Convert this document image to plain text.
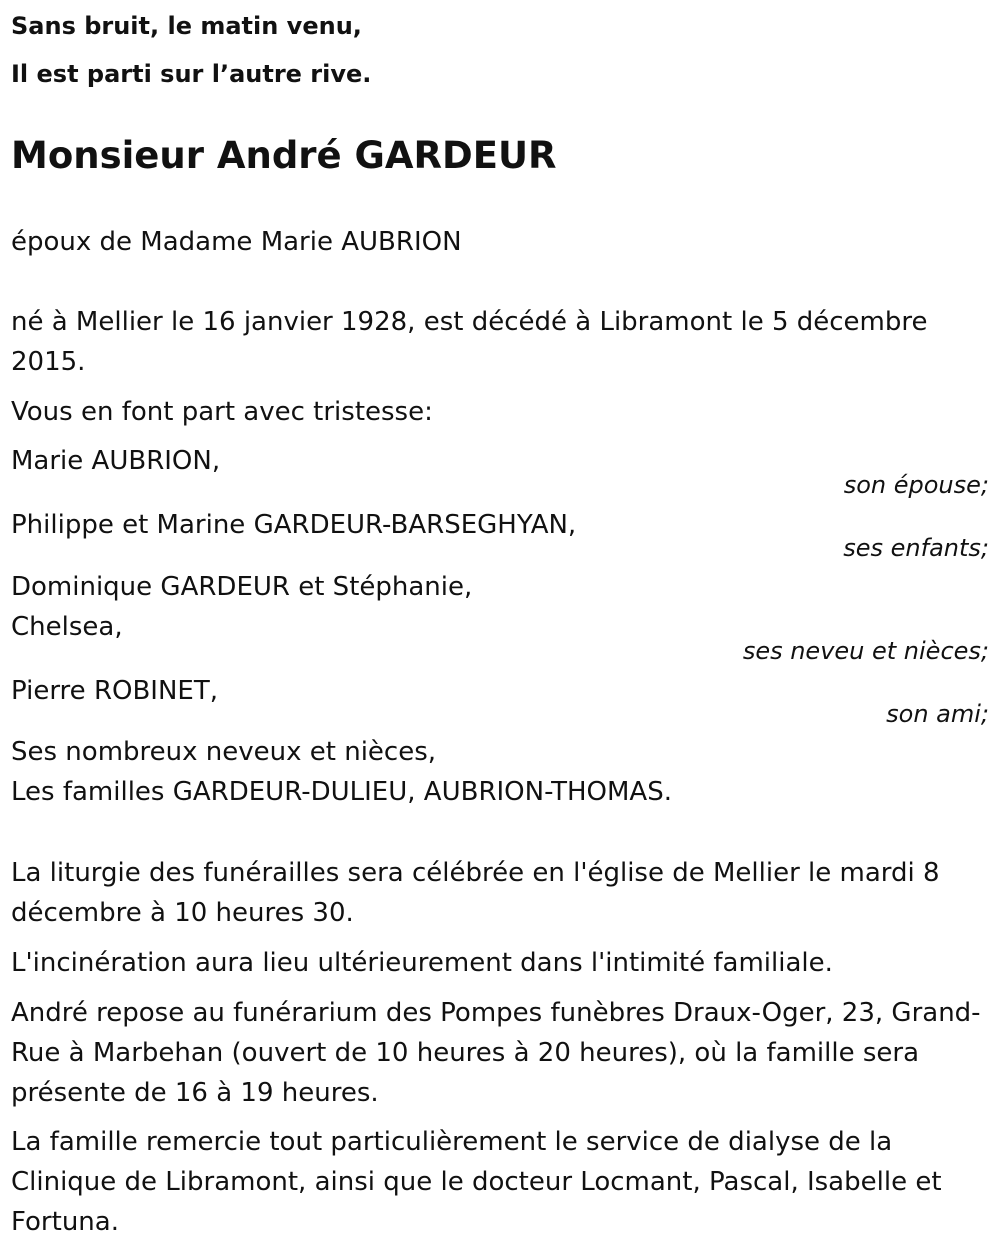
Sans bruit, le matin venu,

Il est parti sur l’autre rive.

Monsieur André GARDEUR

époux de Madame Marie AUBRION

né à Mellier le 16 janvier 1928, est décédé à Libramont le 5 décembre 2015.

Vous en font part avec tristesse:

Marie AUBRION,

son épouse;

Philippe et Marine GARDEUR-BARSEGHYAN,

ses enfants;

Dominique GARDEUR et Stéphanie,

Chelsea,

ses neveu et nièces;

Pierre ROBINET,

son ami;

Ses nombreux neveux et nièces,

Les familles GARDEUR-DULIEU, AUBRION-THOMAS.

La liturgie des funérailles sera célébrée en l'église de Mellier le mardi 8 décembre à 10 heures 30.

L'incinération aura lieu ultérieurement dans l'intimité familiale.

André repose au funérarium des Pompes funèbres Draux-Oger, 23, Grand-Rue à Marbehan (ouvert de 10 heures à 20 heures), où la famille sera présente de 16 à 19 heures.

La famille remercie tout particulièrement le service de dialyse de la Clinique de Libramont, ainsi que le docteur Locmant, Pascal, Isabelle et Fortuna.
